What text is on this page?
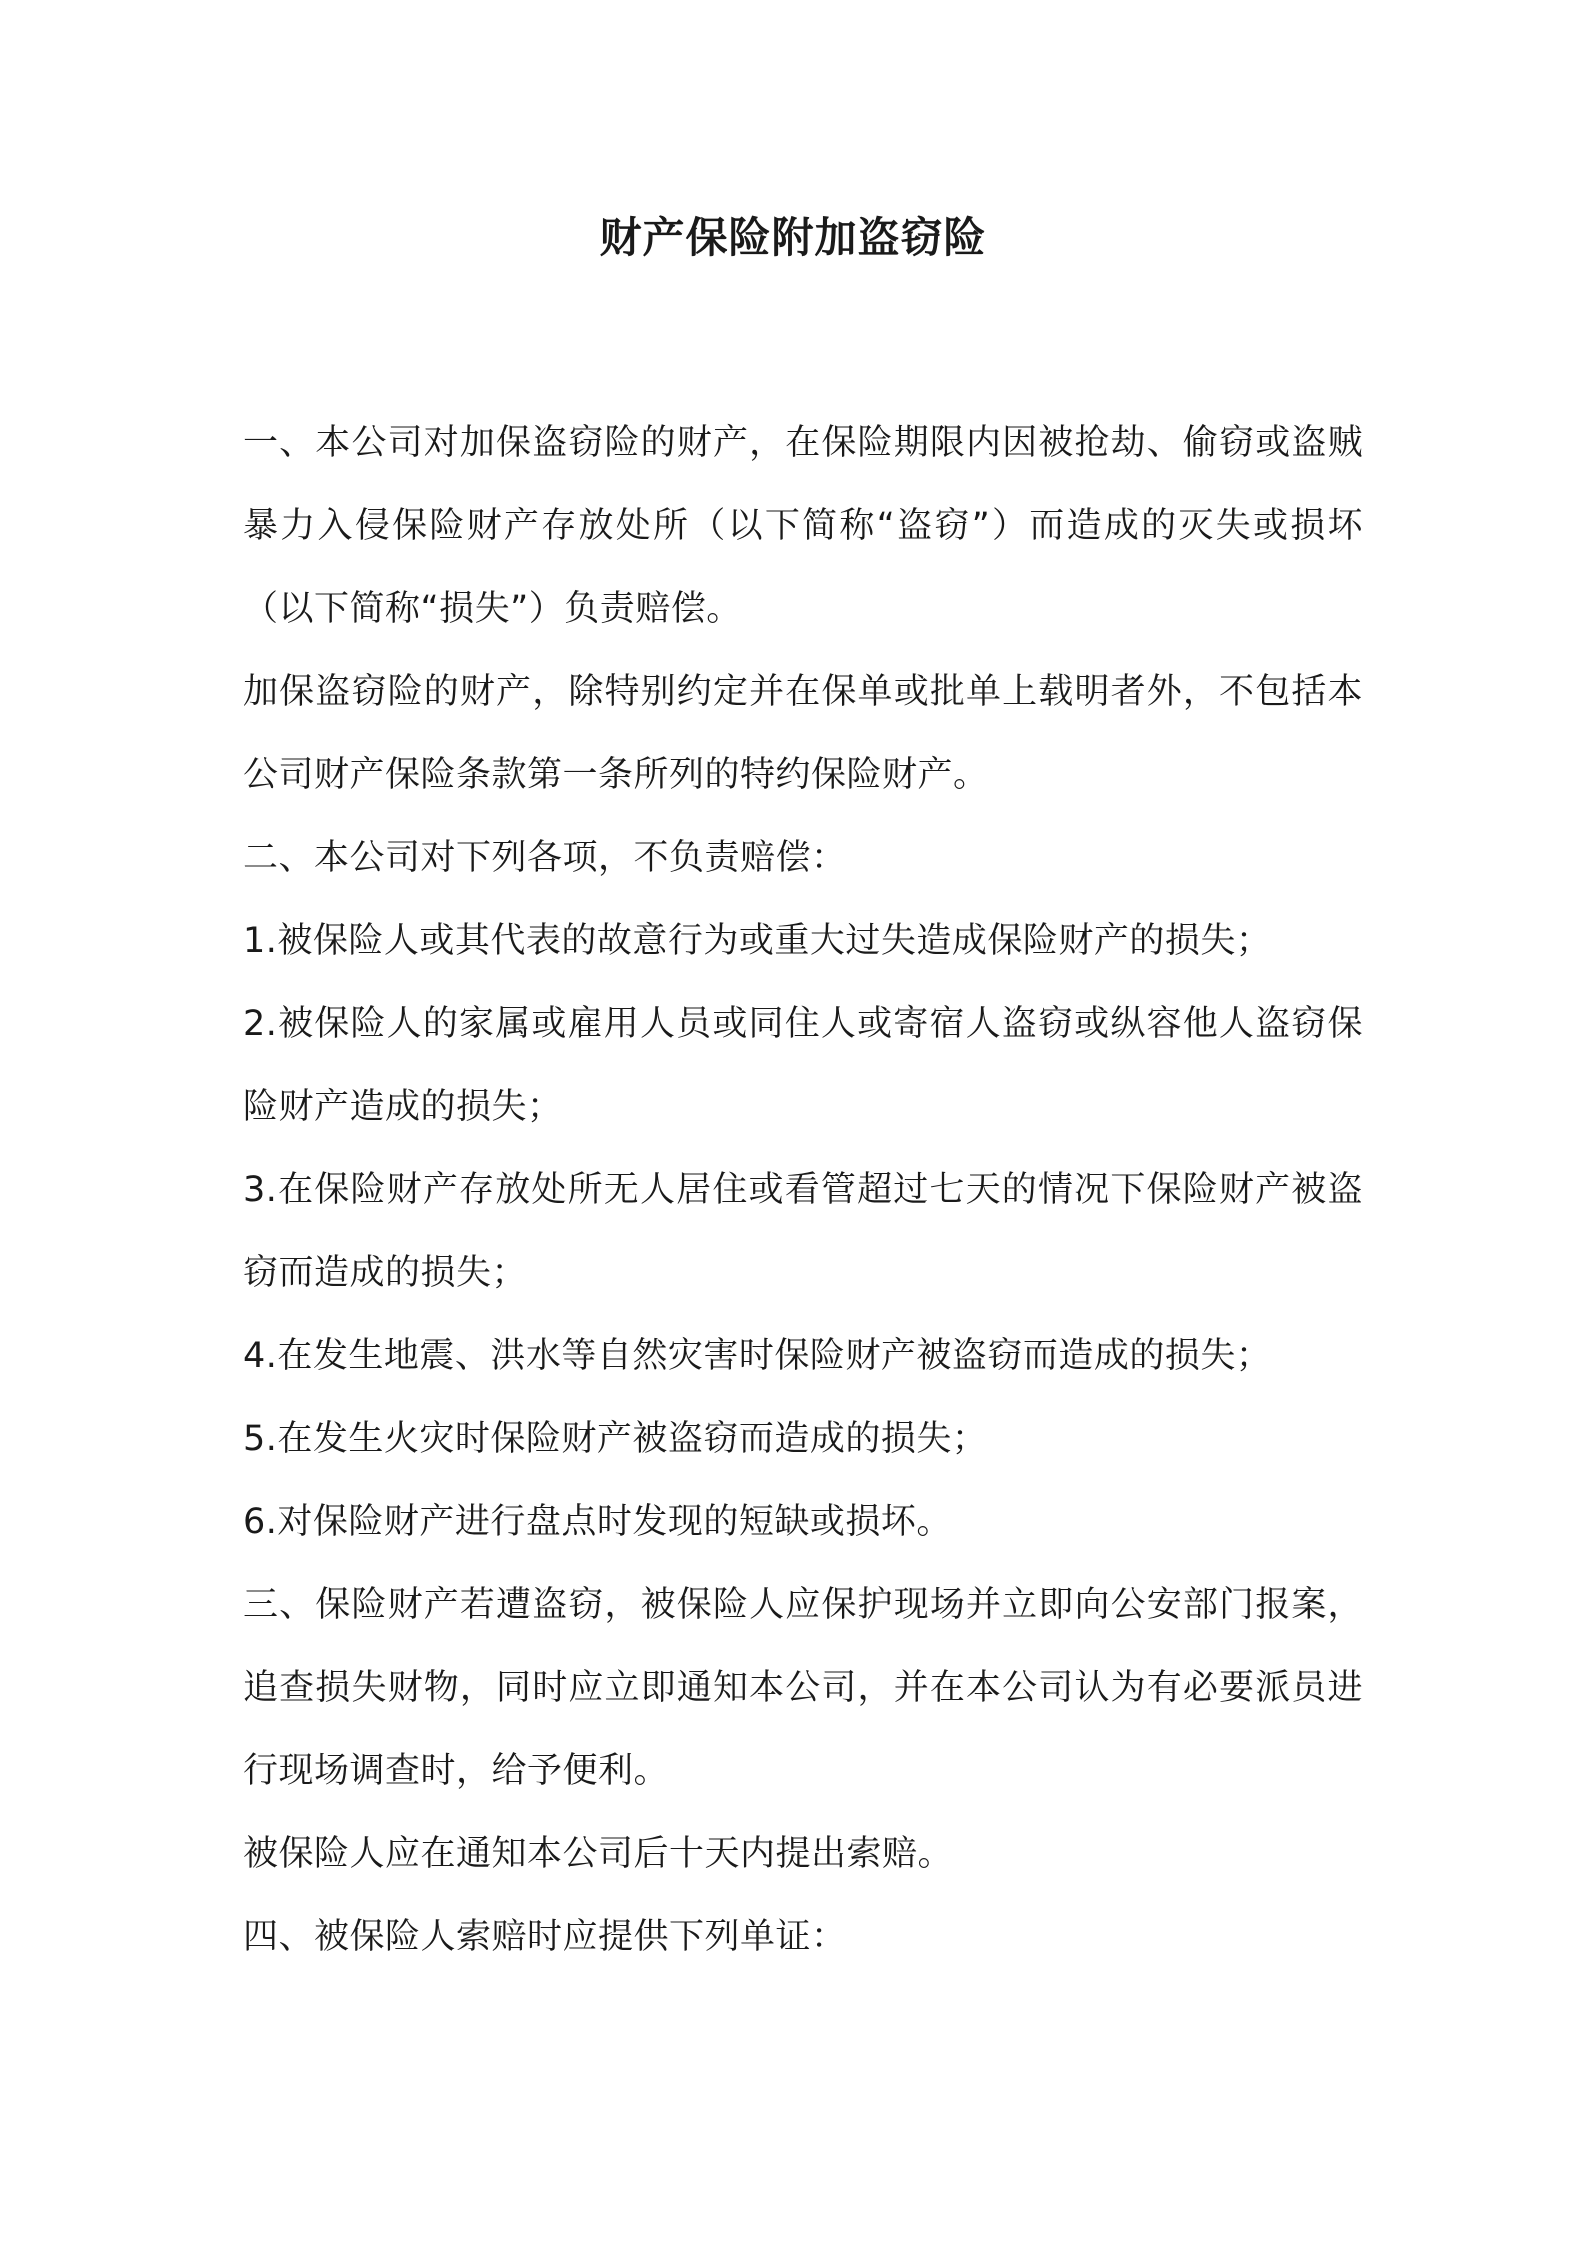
财产保险附加盗窃险

一、本公司对加保盗窃险的财产，在保险期限内因被抢劫、偷窃或盗贼暴力入侵保险财产存放处所（以下简称“盗窃”）而造成的灭失或损坏（以下简称“损失”）负责赔偿。

加保盗窃险的财产，除特别约定并在保单或批单上载明者外，不包括本公司财产保险条款第一条所列的特约保险财产。

二、本公司对下列各项，不负责赔偿：

1.被保险人或其代表的故意行为或重大过失造成保险财产的损失；

2.被保险人的家属或雇用人员或同住人或寄宿人盗窃或纵容他人盗窃保险财产造成的损失；

3.在保险财产存放处所无人居住或看管超过七天的情况下保险财产被盗窃而造成的损失；

4.在发生地震、洪水等自然灾害时保险财产被盗窃而造成的损失；

5.在发生火灾时保险财产被盗窃而造成的损失；

6.对保险财产进行盘点时发现的短缺或损坏。

三、保险财产若遭盗窃，被保险人应保护现场并立即向公安部门报案，追查损失财物，同时应立即通知本公司，并在本公司认为有必要派员进行现场调查时，给予便利。

被保险人应在通知本公司后十天内提出索赔。

四、被保险人索赔时应提供下列单证：
